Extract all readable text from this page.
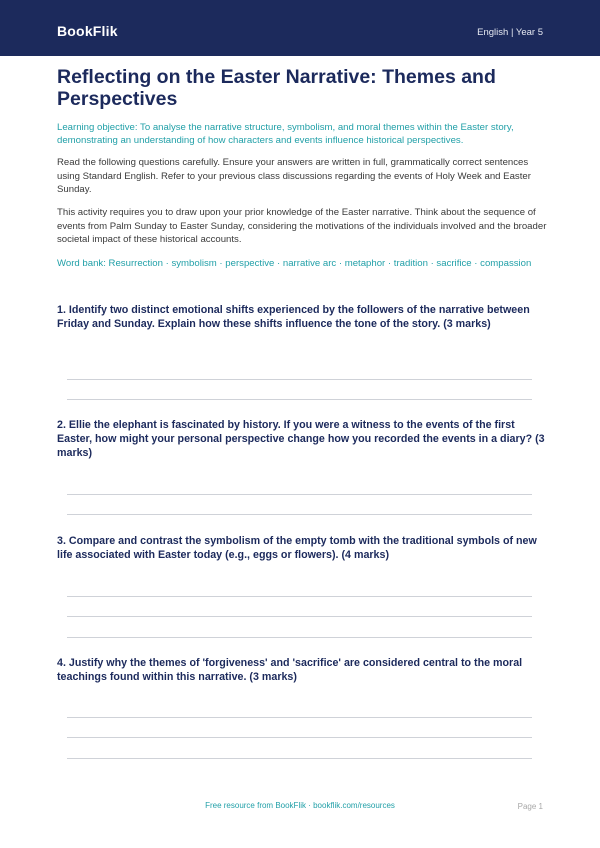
BookFlik	English | Year 5
Reflecting on the Easter Narrative: Themes and Perspectives
Learning objective: To analyse the narrative structure, symbolism, and moral themes within the Easter story, demonstrating an understanding of how characters and events influence historical perspectives.
Read the following questions carefully. Ensure your answers are written in full, grammatically correct sentences using Standard English. Refer to your previous class discussions regarding the events of Holy Week and Easter Sunday.
This activity requires you to draw upon your prior knowledge of the Easter narrative. Think about the sequence of events from Palm Sunday to Easter Sunday, considering the motivations of the individuals involved and the broader societal impact of these historical accounts.
Word bank: Resurrection · symbolism · perspective · narrative arc · metaphor · tradition · sacrifice · compassion
1. Identify two distinct emotional shifts experienced by the followers of the narrative between Friday and Sunday. Explain how these shifts influence the tone of the story. (3 marks)
2. Ellie the elephant is fascinated by history. If you were a witness to the events of the first Easter, how might your personal perspective change how you recorded the events in a diary? (3 marks)
3. Compare and contrast the symbolism of the empty tomb with the traditional symbols of new life associated with Easter today (e.g., eggs or flowers). (4 marks)
4. Justify why the themes of 'forgiveness' and 'sacrifice' are considered central to the moral teachings found within this narrative. (3 marks)
Free resource from BookFlik · bookflik.com/resources	Page 1
